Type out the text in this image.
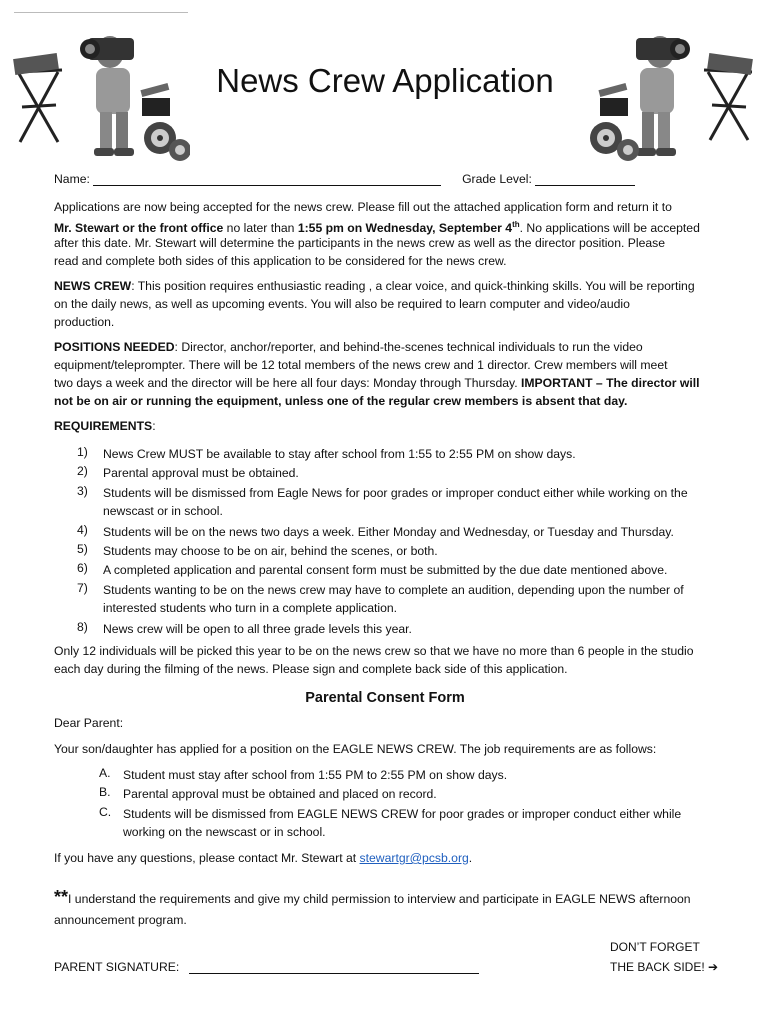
News Crew Application
Name:	Grade Level:
Applications are now being accepted for the news crew. Please fill out the attached application form and return it to
Mr. Stewart or the front office no later than 1:55 pm on Wednesday, September 4th. No applications will be accepted
after this date. Mr. Stewart will determine the participants in the news crew as well as the director position. Please
read and complete both sides of this application to be considered for the news crew.
NEWS CREW: This position requires enthusiastic reading , a clear voice, and quick-thinking skills. You will be reporting
on the daily news, as well as upcoming events. You will also be required to learn computer and video/audio
production.
POSITIONS NEEDED: Director, anchor/reporter, and behind-the-scenes technical individuals to run the video
equipment/teleprompter. There will be 12 total members of the news crew and 1 director. Crew members will meet
two days a week and the director will be here all four days: Monday through Thursday. IMPORTANT – The director will
not be on air or running the equipment, unless one of the regular crew members is absent that day.
REQUIREMENTS:
1)	News Crew MUST be available to stay after school from 1:55 to 2:55 PM on show days.
2)	Parental approval must be obtained.
3)	Students will be dismissed from Eagle News for poor grades or improper conduct either while working on the
newscast or in school.
4)	Students will be on the news two days a week. Either Monday and Wednesday, or Tuesday and Thursday.
5)	Students may choose to be on air, behind the scenes, or both.
6)	A completed application and parental consent form must be submitted by the due date mentioned above.
7)	Students wanting to be on the news crew may have to complete an audition, depending upon the number of
interested students who turn in a complete application.
8)	News crew will be open to all three grade levels this year.
Only 12 individuals will be picked this year to be on the news crew so that we have no more than 6 people in the studio
each day during the filming of the news. Please sign and complete back side of this application.
Parental Consent Form
Dear Parent:
Your son/daughter has applied for a position on the EAGLE NEWS CREW. The job requirements are as follows:
A.	Student must stay after school from 1:55 PM to 2:55 PM on show days.
B.	Parental approval must be obtained and placed on record.
C. Students will be dismissed from EAGLE NEWS CREW for poor grades or improper conduct either while
working on the newscast or in school.
If you have any questions, please contact Mr. Stewart at stewartgr@pcsb.org.
**I understand the requirements and give my child permission to interview and participate in EAGLE NEWS afternoon
announcement program.
PARENT SIGNATURE:
DON’T FORGET
THE BACK SIDE! ➔
